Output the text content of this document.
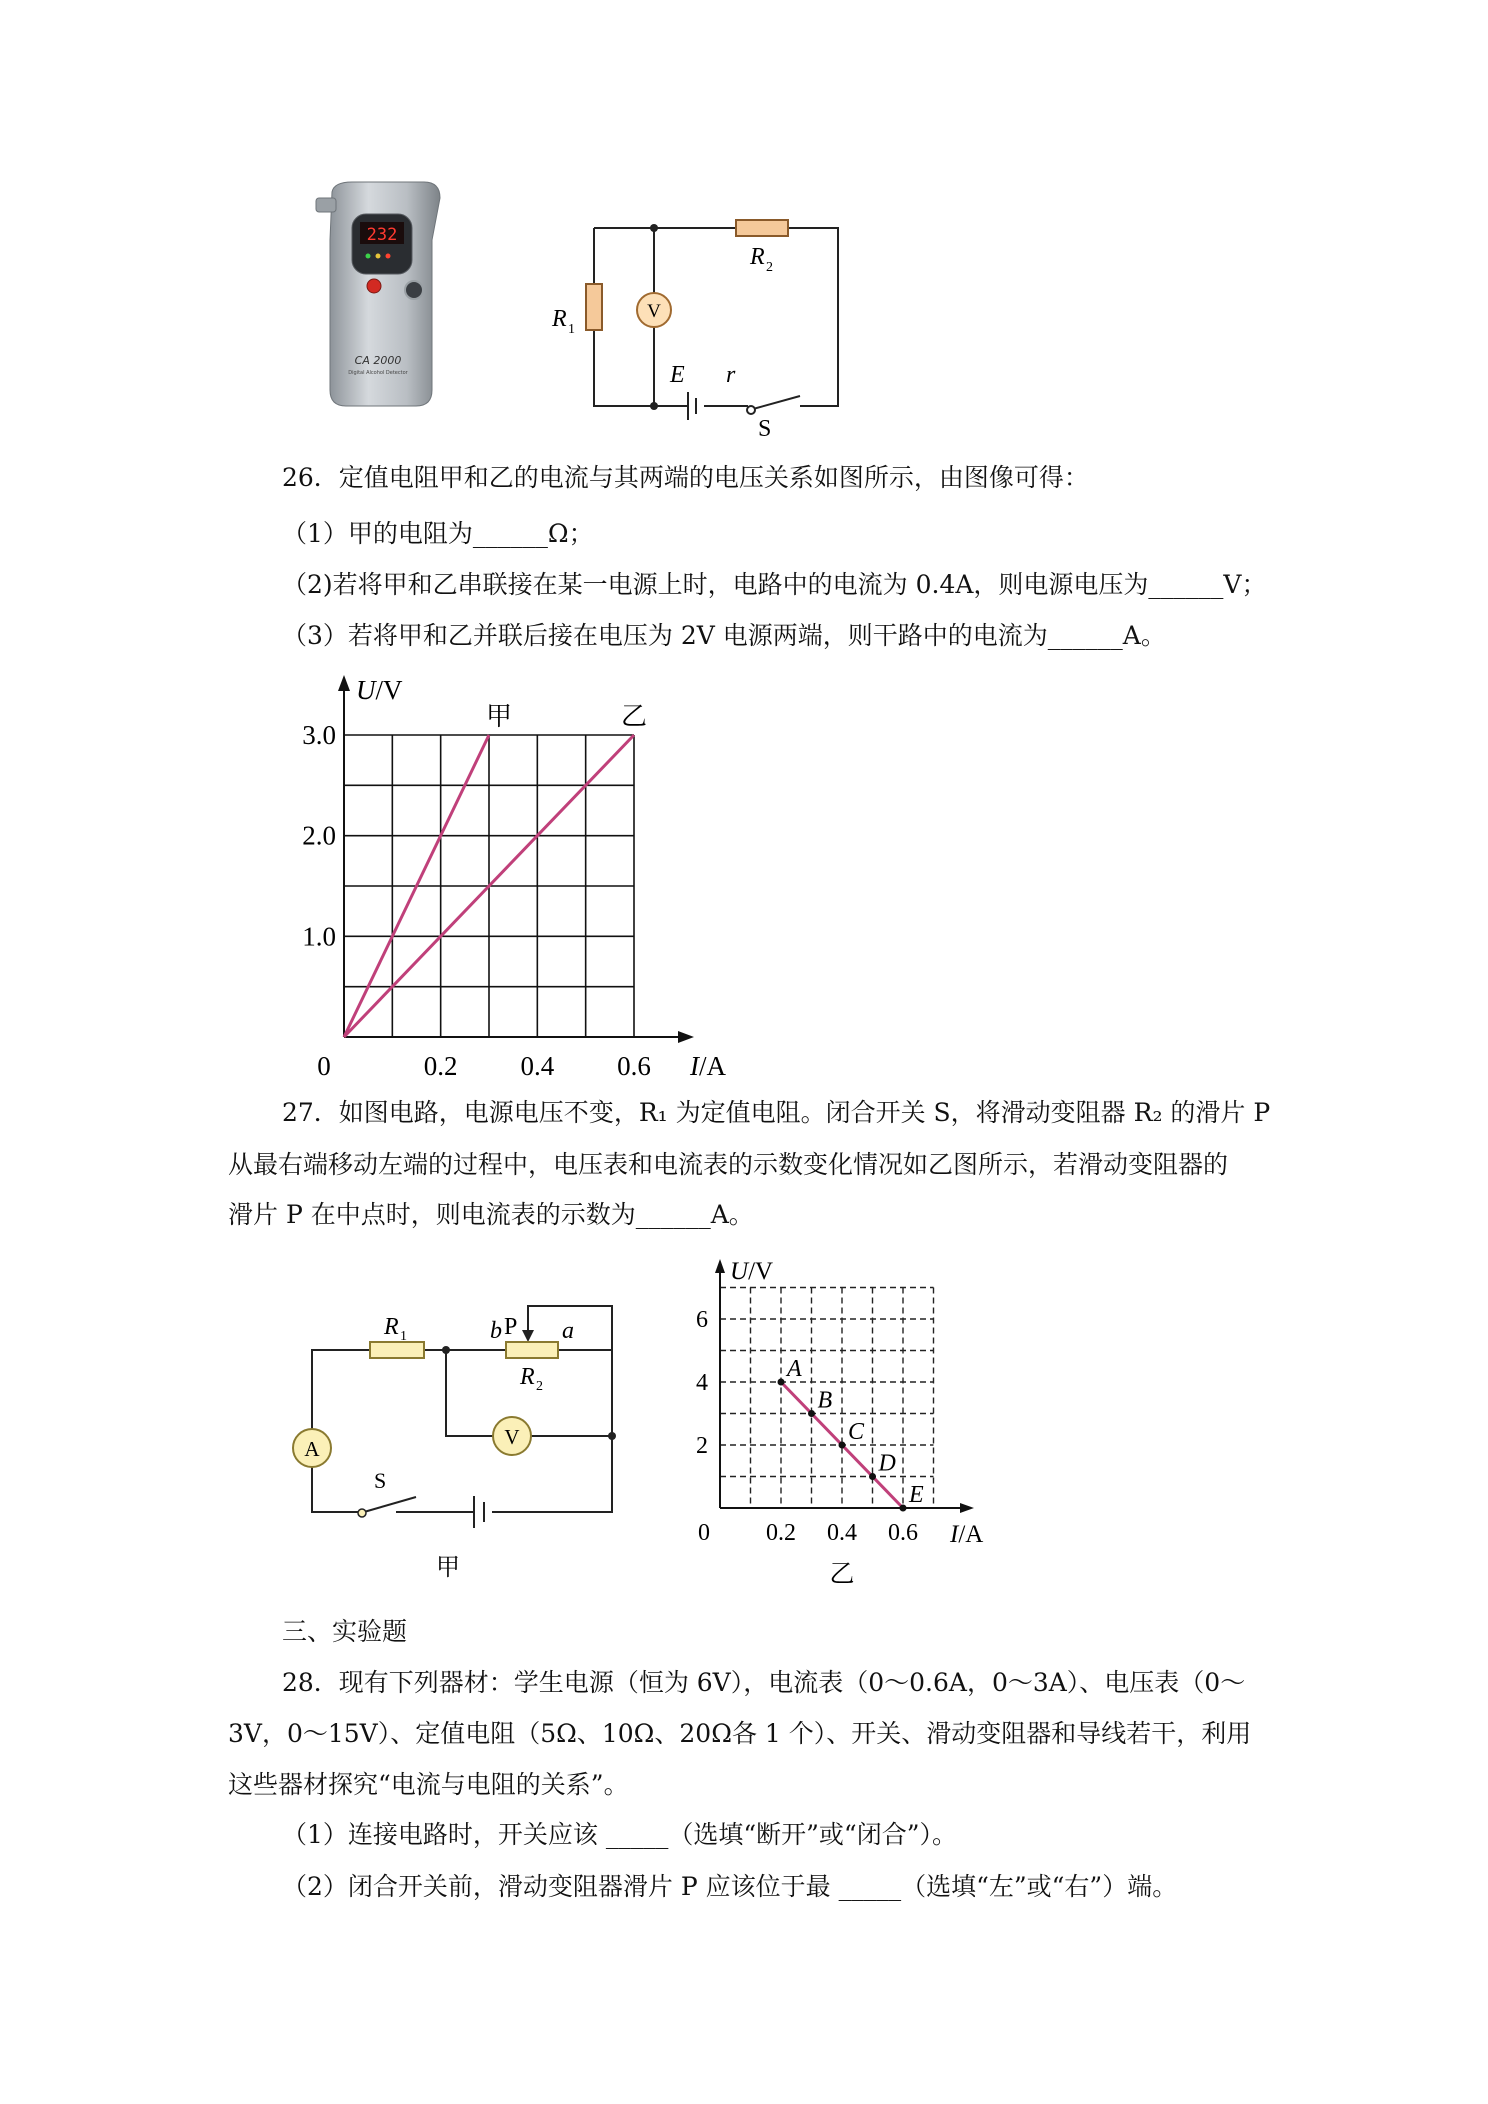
232
CA 2000
Digital Alcohol Detector
V
R 1
R 2
E r
S
26．定值电阻甲和乙的电流与其两端的电压关系如图所示，由图像可得：
（1）甲的电阻为______Ω；
（2)若将甲和乙串联接在某一电源上时，电路中的电流为 0.4A，则电源电压为______V；
（3）若将甲和乙并联后接在电压为 2V 电源两端，则干路中的电流为______A。
甲	乙
1.0
2.0
3.0
0.2 0.4 0.6
0
U/V
I/A
27．如图电路，电源电压不变，R₁ 为定值电阻。闭合开关 S，将滑动变阻器 R₂ 的滑片 P
从最右端移动左端的过程中，电压表和电流表的示数变化情况如乙图所示，若滑动变阻器的
滑片 P 在中点时，则电流表的示数为______A。
A	V
R 1	b P a
R 2
S
甲
A
B
C
D
E
2
4
6
0.2 0.4 0.6
0
U/V
I/A
乙
三、实验题
28．现有下列器材：学生电源（恒为 6V），电流表（0～0.6A，0～3A）、电压表（0～
3V，0～15V）、定值电阻（5Ω、10Ω、20Ω各 1 个）、开关、滑动变阻器和导线若干，利用
这些器材探究“电流与电阻的关系”。
（1）连接电路时，开关应该 _____（选填“断开”或“闭合”）。
（2）闭合开关前，滑动变阻器滑片 P 应该位于最 _____（选填“左”或“右”）端。
